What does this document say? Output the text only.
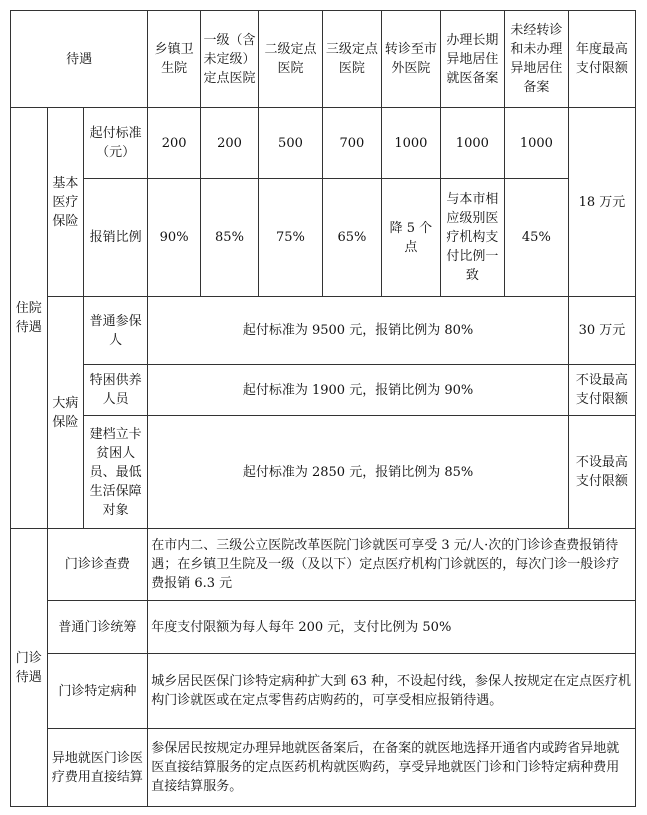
待遇			乡镇卫生院	一级（含未定级）定点医院	二级定点医院	三级定点医院	转诊至市外医院	办理长期异地居住就医备案	未经转诊和未办理异地居住备案	年度最高支付限额
住院待遇	基本医疗保险	起付标准（元）	200	200	500	700	1000	1000	1000	18 万元
		报销比例	90%	85%	75%	65%	降 5 个点	与本市相应级别医疗机构支付比例一致	45%	
	大病保险	普通参保人	起付标准为 9500 元，报销比例为 80%							30 万元
		特困供养人员	起付标准为 1900 元，报销比例为 90%							不设最高支付限额
		建档立卡贫困人员、最低生活保障对象	起付标准为 2850 元，报销比例为 85%							不设最高支付限额
门诊待遇	门诊诊查费		在市内二、三级公立医院改革医院门诊就医可享受 3 元/人·次的门诊诊查费报销待遇；在乡镇卫生院及一级（及以下）定点医疗机构门诊就医的，每次门诊一般诊疗费报销 6.3 元							
	普通门诊统筹		年度支付限额为每人每年 200 元，支付比例为 50%							
	门诊特定病种		城乡居民医保门诊特定病种扩大到 63 种，不设起付线，参保人按规定在定点医疗机构门诊就医或在定点零售药店购药的，可享受相应报销待遇。							
	异地就医门诊医疗费用直接结算		参保居民按规定办理异地就医备案后，在备案的就医地选择开通省内或跨省异地就医直接结算服务的定点医药机构就医购药，享受异地就医门诊和门诊特定病种费用直接结算服务。							
